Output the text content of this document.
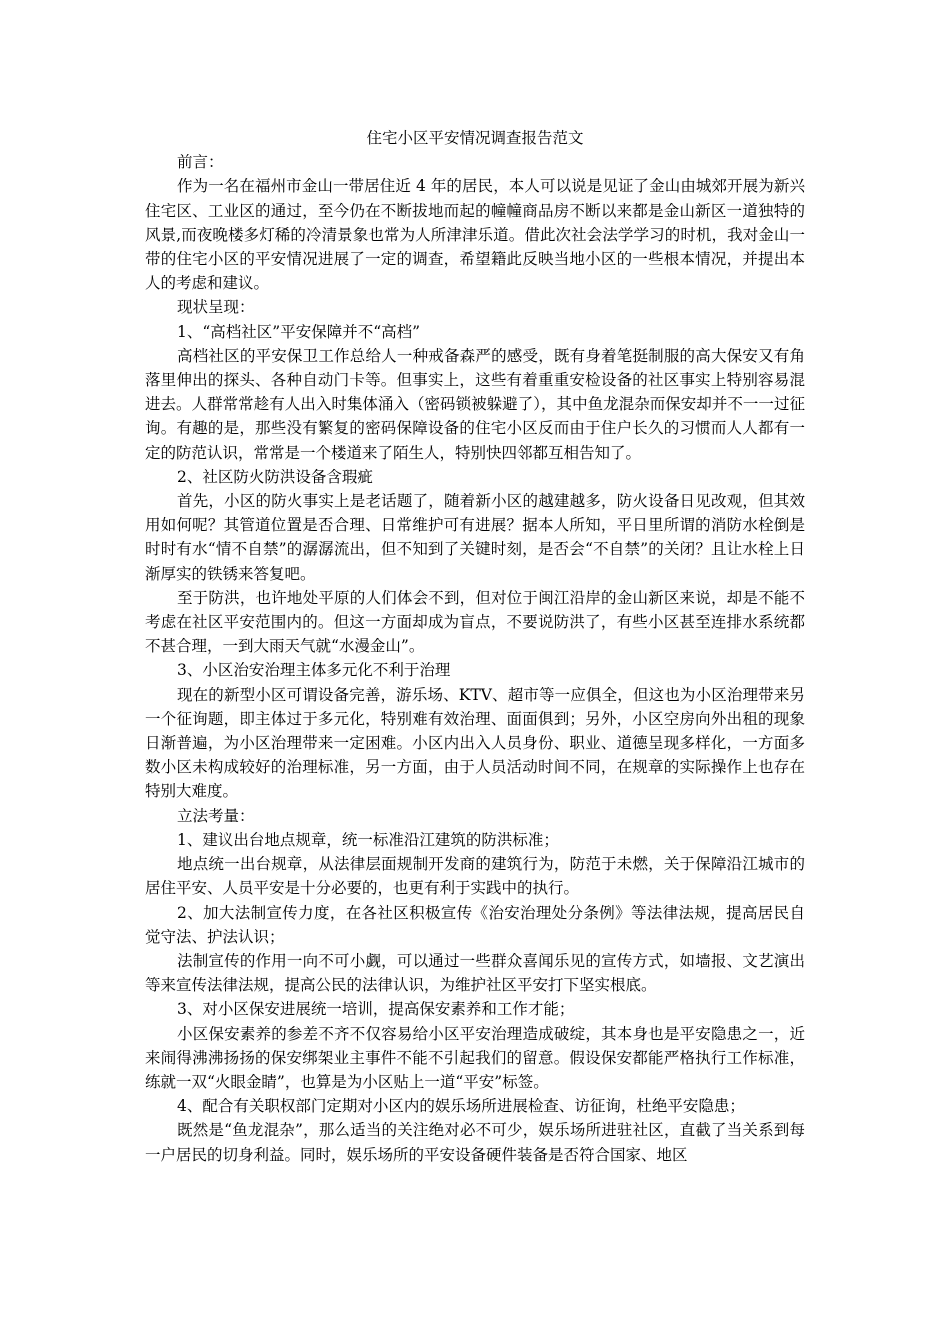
住宅小区平安情况调查报告范文

前言：

作为一名在福州市金山一带居住近 4 年的居民，本人可以说是见证了金山由城郊开展为新兴住宅区、工业区的通过，至今仍在不断拔地而起的幢幢商品房不断以来都是金山新区一道独特的风景,而夜晚楼多灯稀的冷清景象也常为人所津津乐道。借此次社会法学学习的时机，我对金山一带的住宅小区的平安情况进展了一定的调查，希望籍此反映当地小区的一些根本情况，并提出本人的考虑和建议。

现状呈现：

1、“高档社区”平安保障并不“高档”

高档社区的平安保卫工作总给人一种戒备森严的感受，既有身着笔挺制服的高大保安又有角落里伸出的探头、各种自动门卡等。但事实上，这些有着重重安检设备的社区事实上特别容易混进去。人群常常趁有人出入时集体涌入（密码锁被躲避了），其中鱼龙混杂而保安却并不一一过征询。有趣的是，那些没有繁复的密码保障设备的住宅小区反而由于住户长久的习惯而人人都有一定的防范认识，常常是一个楼道来了陌生人，特别快四邻都互相告知了。

2、社区防火防洪设备含瑕疵

首先，小区的防火事实上是老话题了，随着新小区的越建越多，防火设备日见改观，但其效用如何呢？其管道位置是否合理、日常维护可有进展？据本人所知，平日里所谓的消防水栓倒是时时有水“情不自禁”的潺潺流出，但不知到了关键时刻，是否会“不自禁”的关闭？且让水栓上日渐厚实的铁锈来答复吧。

至于防洪，也许地处平原的人们体会不到，但对位于闽江沿岸的金山新区来说，却是不能不考虑在社区平安范围内的。但这一方面却成为盲点，不要说防洪了，有些小区甚至连排水系统都不甚合理，一到大雨天气就“水漫金山”。

3、小区治安治理主体多元化不利于治理

现在的新型小区可谓设备完善，游乐场、KTV、超市等一应俱全，但这也为小区治理带来另一个征询题，即主体过于多元化，特别难有效治理、面面俱到；另外，小区空房向外出租的现象日渐普遍，为小区治理带来一定困难。小区内出入人员身份、职业、道德呈现多样化，一方面多数小区未构成较好的治理标准，另一方面，由于人员活动时间不同，在规章的实际操作上也存在特别大难度。

立法考量：

1、建议出台地点规章，统一标准沿江建筑的防洪标准；

地点统一出台规章，从法律层面规制开发商的建筑行为，防范于未燃，关于保障沿江城市的居住平安、人员平安是十分必要的，也更有利于实践中的执行。

2、加大法制宣传力度，在各社区积极宣传《治安治理处分条例》等法律法规，提高居民自觉守法、护法认识；

法制宣传的作用一向不可小觑，可以通过一些群众喜闻乐见的宣传方式，如墙报、文艺演出等来宣传法律法规，提高公民的法律认识，为维护社区平安打下坚实根底。

3、对小区保安进展统一培训，提高保安素养和工作才能；

小区保安素养的参差不齐不仅容易给小区平安治理造成破绽，其本身也是平安隐患之一，近来闹得沸沸扬扬的保安绑架业主事件不能不引起我们的留意。假设保安都能严格执行工作标准，练就一双“火眼金睛”，也算是为小区贴上一道“平安”标签。

4、配合有关职权部门定期对小区内的娱乐场所进展检查、访征询，杜绝平安隐患；

既然是“鱼龙混杂”，那么适当的关注绝对必不可少，娱乐场所进驻社区，直截了当关系到每一户居民的切身利益。同时，娱乐场所的平安设备硬件装备是否符合国家、地区
